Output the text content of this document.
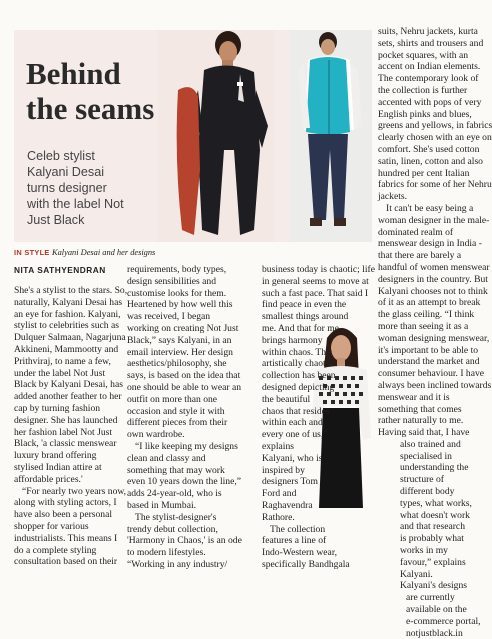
Behind
the seams
Celeb stylist
Kalyani Desai
turns designer
with the label Not
Just Black
IN STYLE Kalyani Desai and her designs
NITA SATHYENDRAN
She's a stylist to the stars. So,
naturally, Kalyani Desai has
an eye for fashion. Kalyani,
stylist to celebrities such as
Dulquer Salmaan, Nagarjuna
Akkineni, Mammootty and
Prithviraj, to name a few,
under the label Not Just
Black by Kalyani Desai, has
added another feather to her
cap by turning fashion
designer. She has launched
her fashion label Not Just
Black, 'a classic menswear
luxury brand offering
stylised Indian attire at
affordable prices.'
“For nearly two years now,
along with styling actors, I
have also been a personal
shopper for various
industrialists. This means I
do a complete styling
consultation based on their
requirements, body types,
design sensibilities and
customise looks for them.
Heartened by how well this
was received, I began
working on creating Not Just
Black,” says Kalyani, in an
email interview. Her design
aesthetics/philosophy, she
says, is based on the idea that
one should be able to wear an
outfit on more than one
occasion and style it with
different pieces from their
own wardrobe.
“I like keeping my designs
clean and classy and
something that may work
even 10 years down the line,”
adds 24-year-old, who is
based in Mumbai.
The stylist-designer's
trendy debut collection,
'Harmony in Chaos,' is an ode
to modern lifestyles.
“Working in any industry/
business today is chaotic; life
in general seems to move at
such a fast pace. That said I
find peace in even the
smallest things around
me. And that for me
brings harmony
within chaos. This
artistically chaotic
collection has been
designed depicting
the beautiful
chaos that resides
within each and
every one of us,”
explains
Kalyani, who is
inspired by
designers Tom
Ford and
Raghavendra
Rathore.
The collection
features a line of
Indo-Western wear,
specifically Bandhgala
suits, Nehru jackets, kurta
sets, shirts and trousers and
pocket squares, with an
accent on Indian elements.
The contemporary look of
the collection is further
accented with pops of very
English pinks and blues,
greens and yellows, in fabrics
clearly chosen with an eye on
comfort. She's used cotton
satin, linen, cotton and also
hundred per cent Italian
fabrics for some of her Nehru
jackets.
It can't be easy being a
woman designer in the male-
dominated realm of
menswear design in India -
that there are barely a
handful of women menswear
designers in the country. But
Kalyani chooses not to think
of it as an attempt to break
the glass ceiling. “I think
more than seeing it as a
woman designing menswear,
it's important to be able to
understand the market and
consumer behaviour. I have
always been inclined towards
menswear and it is
something that comes
rather naturally to me.
Having said that, I have
also trained and
specialised in
understanding the
structure of
different body
types, what works,
what doesn't work
and that research
is probably what
works in my
favour,” explains
Kalyani.
Kalyani's designs
are currently
available on the
e-commerce portal,
notjustblack.in
